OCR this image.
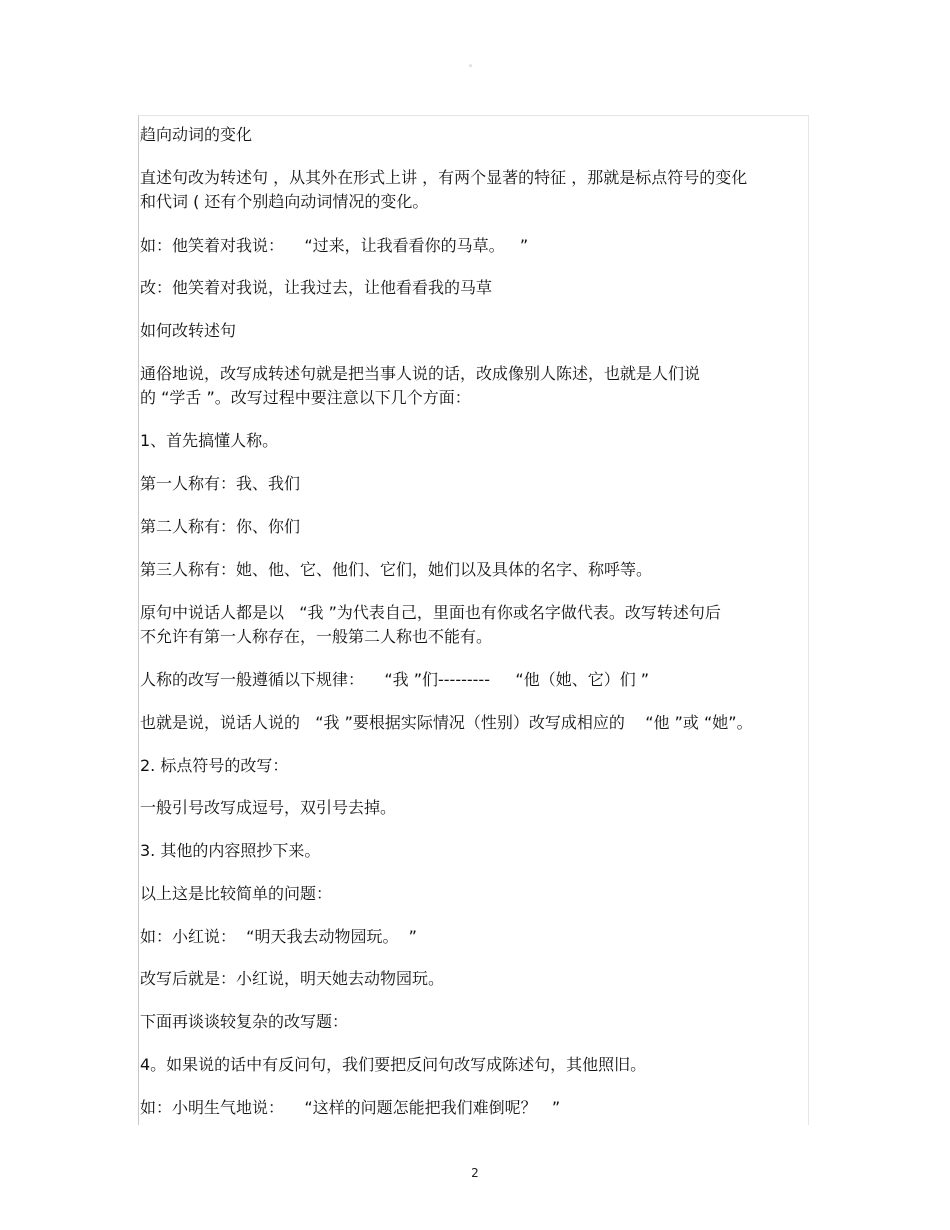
。

趋向动词的变化

直述句改为转述句 ，从其外在形式上讲 ，有两个显著的特征 ，那就是标点符号的变化

和代词 ( 还有个别趋向动词情况的变化。

如：他笑着对我说：    “过来，让我看看你的马草。   ”

改：他笑着对我说，让我过去，让他看看我的马草

如何改转述句

通俗地说，改写成转述句就是把当事人说的话，改成像别人陈述，也就是人们说

的 “学舌 ”。改写过程中要注意以下几个方面：

1、首先搞懂人称。

第一人称有：我、我们

第二人称有：你、你们

第三人称有：她、他、它、他们、它们，她们以及具体的名字、称呼等。

原句中说话人都是以   “我 ”为代表自己，里面也有你或名字做代表。改写转述句后

不允许有第一人称存在，一般第二人称也不能有。

人称的改写一般遵循以下规律：    “我 ”们---------     “他（她、它）们 ”

也就是说，说话人说的   “我 ”要根据实际情况（性别）改写成相应的    “他 ”或 “她”。

2. 标点符号的改写：

一般引号改写成逗号，双引号去掉。

3. 其他的内容照抄下来。

以上这是比较简单的问题：

如：小红说：  “明天我去动物园玩。  ”

改写后就是：小红说，明天她去动物园玩。

下面再谈谈较复杂的改写题：

4。如果说的话中有反问句，我们要把反问句改写成陈述句，其他照旧。

如：小明生气地说：    “这样的问题怎能把我们难倒呢？   ”

2
